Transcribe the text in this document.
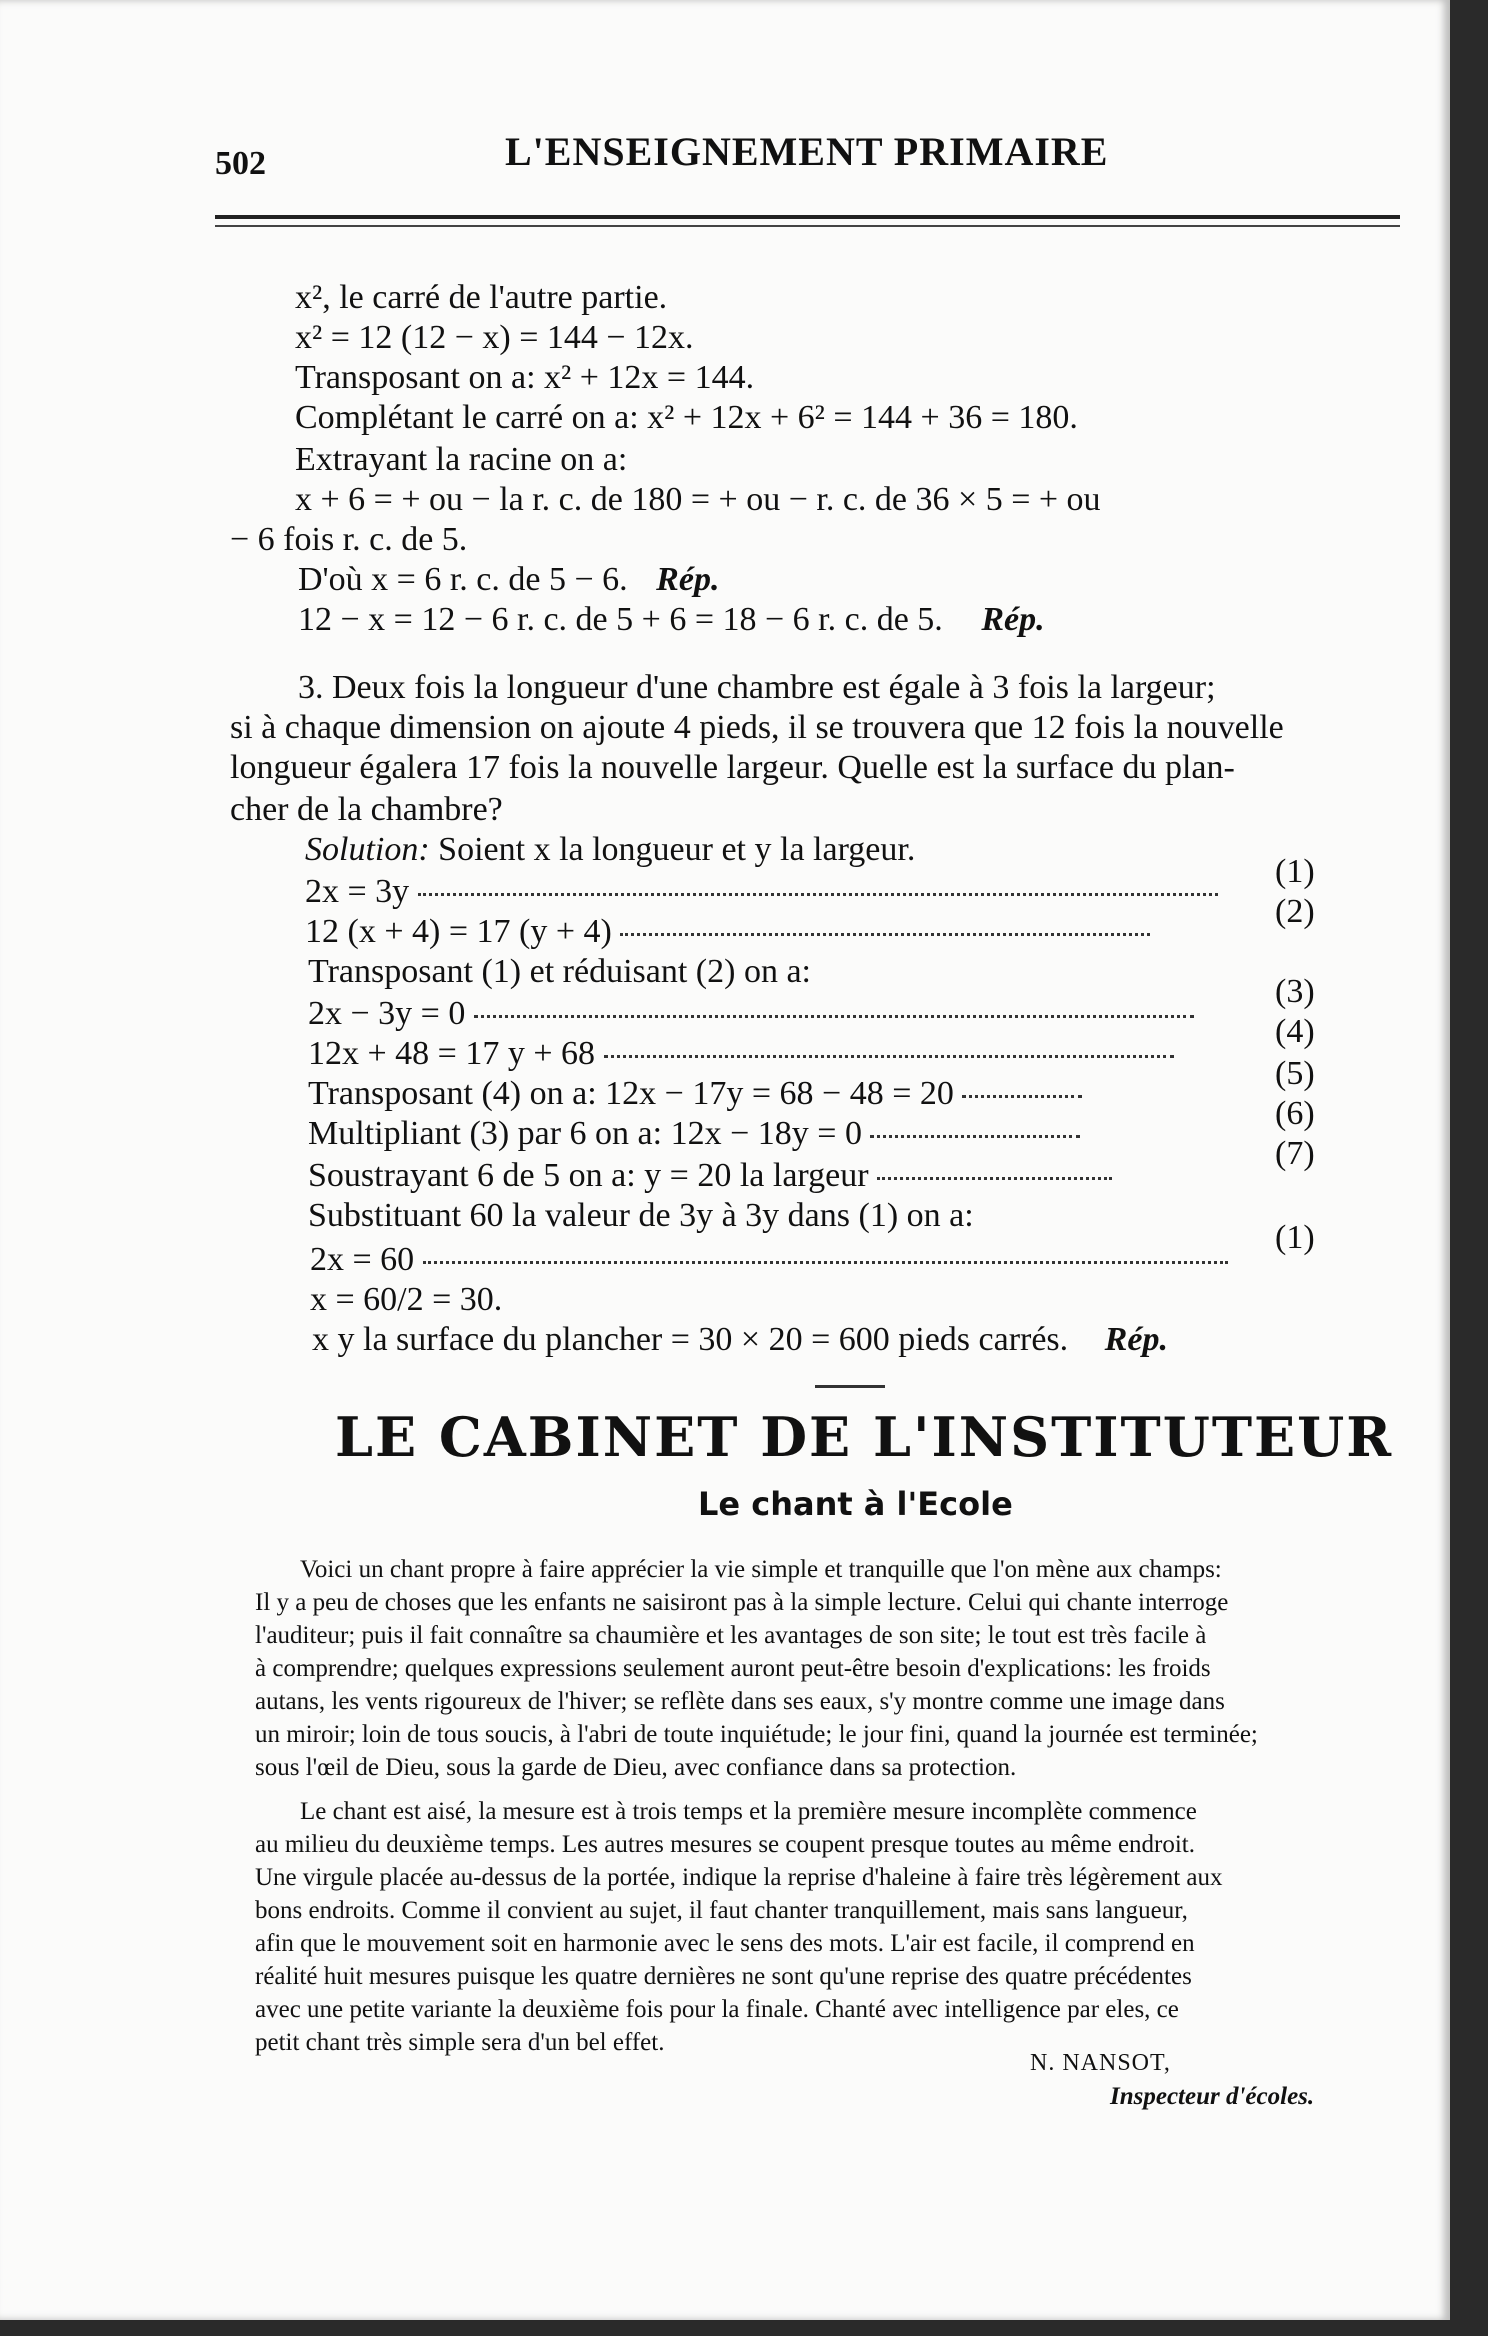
502	L'ENSEIGNEMENT PRIMAIRE
x², le carré de l'autre partie.
x² = 12 (12 − x) = 144 − 12x.
Transposant on a: x² + 12x = 144.
Complétant le carré on a: x² + 12x + 6² = 144 + 36 = 180.
Extrayant la racine on a:
x + 6 = + ou − la r. c. de 180 = + ou − r. c. de 36 × 5 = + ou
− 6 fois r. c. de 5.
D'où x = 6 r. c. de 5 − 6. Rép.
12 − x = 12 − 6 r. c. de 5 + 6 = 18 − 6 r. c. de 5. Rép.
3. Deux fois la longueur d'une chambre est égale à 3 fois la largeur;
si à chaque dimension on ajoute 4 pieds, il se trouvera que 12 fois la nouvelle
longueur égalera 17 fois la nouvelle largeur. Quelle est la surface du plan-
cher de la chambre?
Solution: Soient x la longueur et y la largeur.
2x = 3y
(1)
12 (x + 4) = 17 (y + 4)
(2)
Transposant (1) et réduisant (2) on a:
2x − 3y = 0
(3)
12x + 48 = 17 y + 68
(4)
Transposant (4) on a: 12x − 17y = 68 − 48 = 20
(5)
Multipliant (3) par 6 on a: 12x − 18y = 0
(6)
Soustrayant 6 de 5 on a: y = 20 la largeur
(7)
Substituant 60 la valeur de 3y à 3y dans (1) on a:
2x = 60
(1)
x = 60/2 = 30.
x y la surface du plancher = 30 × 20 = 600 pieds carrés. Rép.
LE CABINET DE L'INSTITUTEUR
Le chant à l'Ecole
Voici un chant propre à faire apprécier la vie simple et tranquille que l'on mène aux champs:
Il y a peu de choses que les enfants ne saisiront pas à la simple lecture. Celui qui chante interroge
l'auditeur; puis il fait connaître sa chaumière et les avantages de son site; le tout est très facile à
à comprendre; quelques expressions seulement auront peut-être besoin d'explications: les froids
autans, les vents rigoureux de l'hiver; se reflète dans ses eaux, s'y montre comme une image dans
un miroir; loin de tous soucis, à l'abri de toute inquiétude; le jour fini, quand la journée est terminée;
sous l'œil de Dieu, sous la garde de Dieu, avec confiance dans sa protection.
Le chant est aisé, la mesure est à trois temps et la première mesure incomplète commence
au milieu du deuxième temps. Les autres mesures se coupent presque toutes au même endroit.
Une virgule placée au-dessus de la portée, indique la reprise d'haleine à faire très légèrement aux
bons endroits. Comme il convient au sujet, il faut chanter tranquillement, mais sans langueur,
afin que le mouvement soit en harmonie avec le sens des mots. L'air est facile, il comprend en
réalité huit mesures puisque les quatre dernières ne sont qu'une reprise des quatre précédentes
avec une petite variante la deuxième fois pour la finale. Chanté avec intelligence par eles, ce
petit chant très simple sera d'un bel effet.
N. NANSOT,
Inspecteur d'écoles.
